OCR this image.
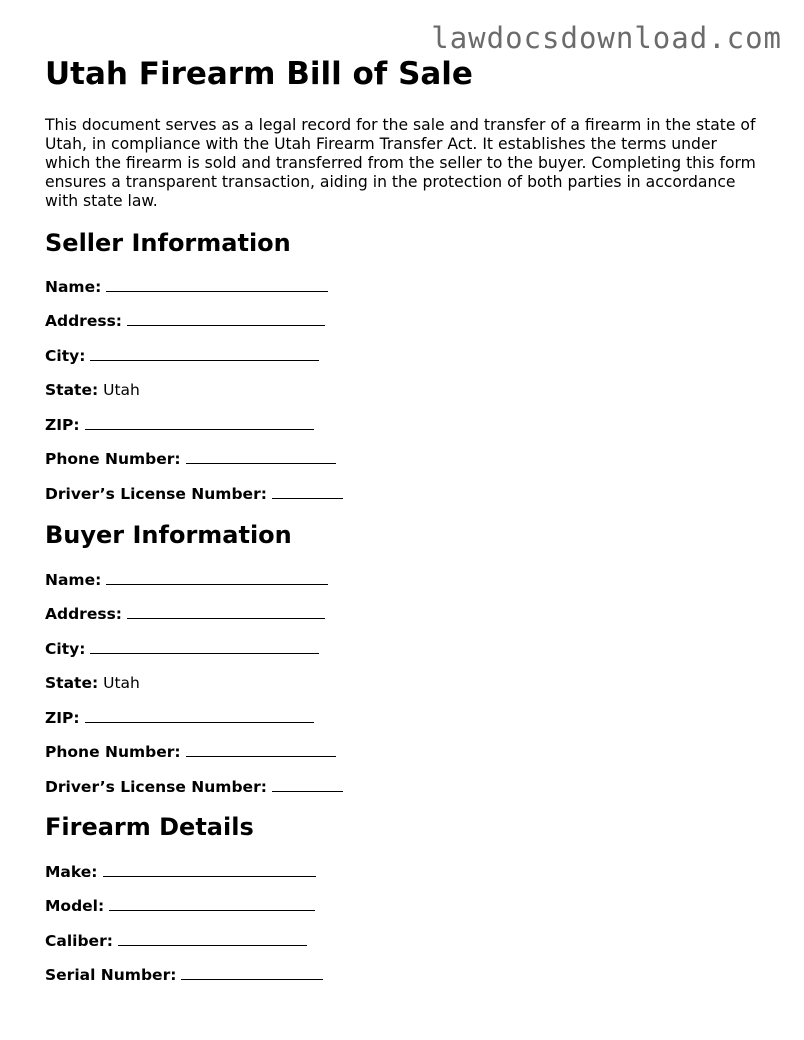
lawdocsdownload.com
Utah Firearm Bill of Sale

This document serves as a legal record for the sale and transfer of a firearm in the state of Utah, in compliance with the Utah Firearm Transfer Act. It establishes the terms under which the firearm is sold and transferred from the seller to the buyer. Completing this form ensures a transparent transaction, aiding in the protection of both parties in accordance with state law.

Seller Information
Name:
Address:
City:
State: Utah
ZIP:
Phone Number:
Driver’s License Number:
Buyer Information
Name:
Address:
City:
State: Utah
ZIP:
Phone Number:
Driver’s License Number:
Firearm Details
Make:
Model:
Caliber:
Serial Number:
